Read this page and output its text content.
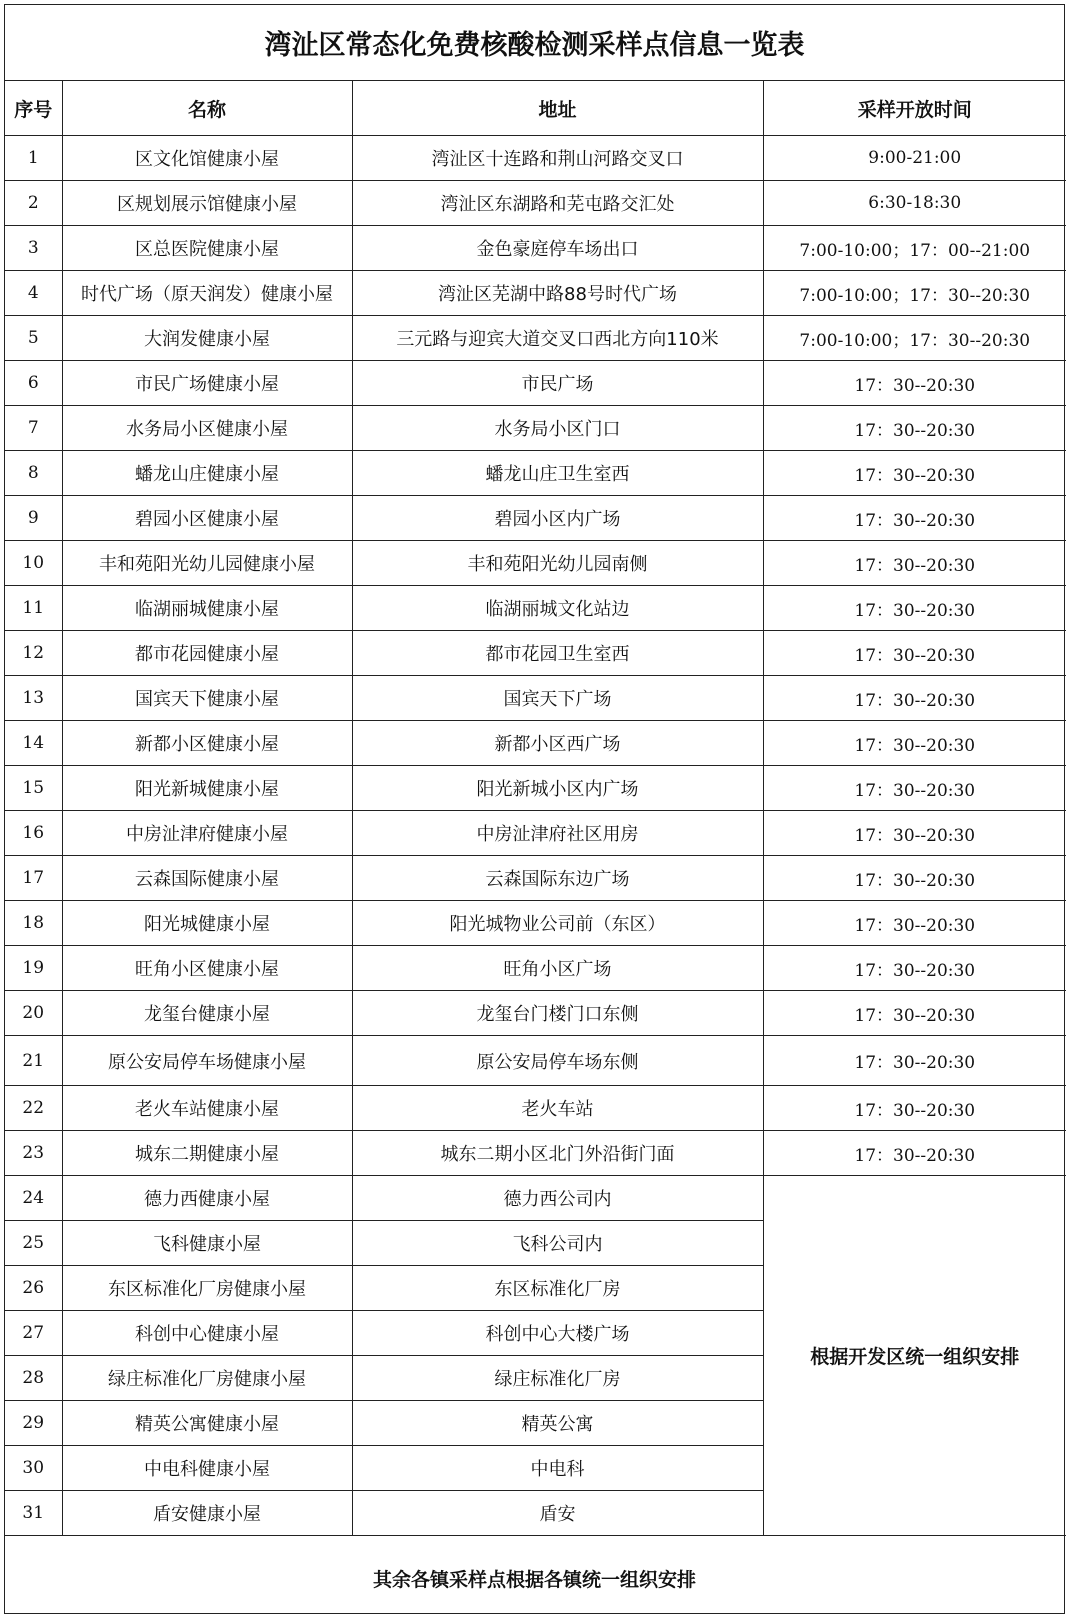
湾沚区常态化免费核酸检测采样点信息一览表
序号	名称	地址	采样开放时间
1	区文化馆健康小屋	湾沚区十连路和荆山河路交叉口	9:00-21:00
2	区规划展示馆健康小屋	湾沚区东湖路和芜屯路交汇处	6:30-18:30
3	区总医院健康小屋	金色豪庭停车场出口	7:00-10:00；17：00--21:00
4	时代广场（原天润发）健康小屋	湾沚区芜湖中路88号时代广场	7:00-10:00；17：30--20:30
5	大润发健康小屋	三元路与迎宾大道交叉口西北方向110米	7:00-10:00；17：30--20:30
6	市民广场健康小屋	市民广场	17：30--20:30
7	水务局小区健康小屋	水务局小区门口	17：30--20:30
8	蟠龙山庄健康小屋	蟠龙山庄卫生室西	17：30--20:30
9	碧园小区健康小屋	碧园小区内广场	17：30--20:30
10	丰和苑阳光幼儿园健康小屋	丰和苑阳光幼儿园南侧	17：30--20:30
11	临湖丽城健康小屋	临湖丽城文化站边	17：30--20:30
12	都市花园健康小屋	都市花园卫生室西	17：30--20:30
13	国宾天下健康小屋	国宾天下广场	17：30--20:30
14	新都小区健康小屋	新都小区西广场	17：30--20:30
15	阳光新城健康小屋	阳光新城小区内广场	17：30--20:30
16	中房沚津府健康小屋	中房沚津府社区用房	17：30--20:30
17	云森国际健康小屋	云森国际东边广场	17：30--20:30
18	阳光城健康小屋	阳光城物业公司前（东区）	17：30--20:30
19	旺角小区健康小屋	旺角小区广场	17：30--20:30
20	龙玺台健康小屋	龙玺台门楼门口东侧	17：30--20:30
21	原公安局停车场健康小屋	原公安局停车场东侧	17：30--20:30
22	老火车站健康小屋	老火车站	17：30--20:30
23	城东二期健康小屋	城东二期小区北门外沿街门面	17：30--20:30
24	德力西健康小屋	德力西公司内	根据开发区统一组织安排
25	飞科健康小屋	飞科公司内	
26	东区标准化厂房健康小屋	东区标准化厂房	
27	科创中心健康小屋	科创中心大楼广场	
28	绿庄标准化厂房健康小屋	绿庄标准化厂房	
29	精英公寓健康小屋	精英公寓	
30	中电科健康小屋	中电科	
31	盾安健康小屋	盾安	
其余各镇采样点根据各镇统一组织安排
